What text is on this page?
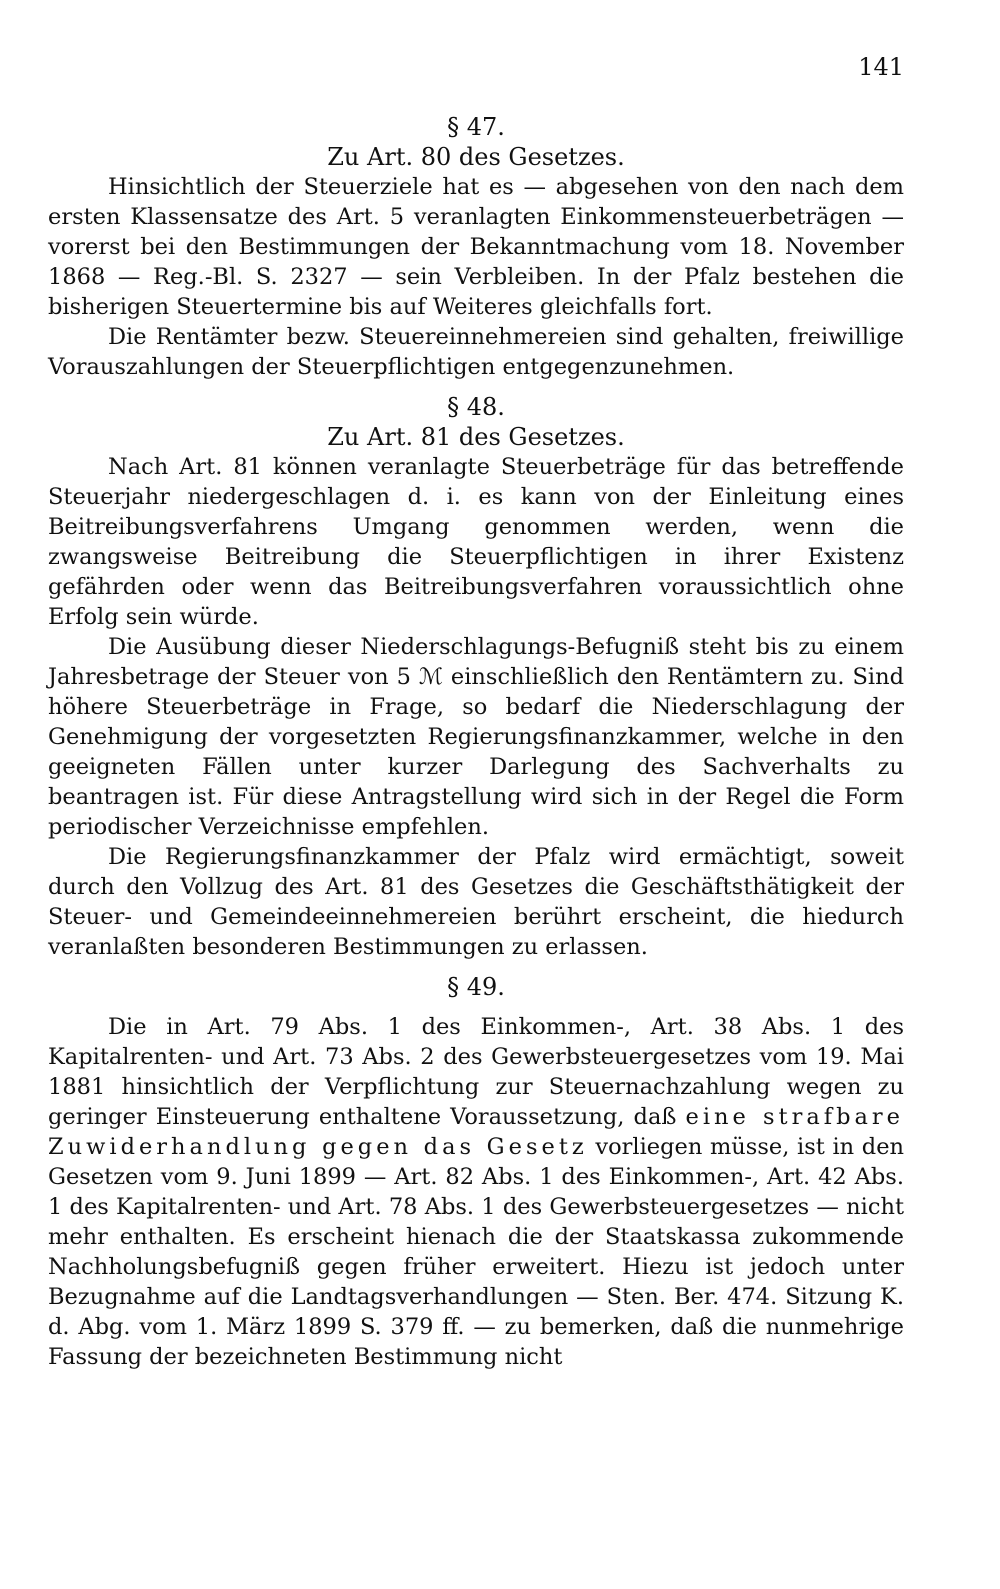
141
§ 47.
Zu Art. 80 des Gesetzes.

Hinsichtlich der Steuerziele hat es — abgesehen von den nach dem ersten Klassensatze des Art. 5 veranlagten Einkommensteuerbeträgen — vorerst bei den Bestimmungen der Bekanntmachung vom 18. November 1868 — Reg.-Bl. S. 2327 — sein Verbleiben. In der Pfalz bestehen die bisherigen Steuertermine bis auf Weiteres gleichfalls fort.

Die Rentämter bezw. Steuereinnehmereien sind gehalten, freiwillige Vorauszahlungen der Steuerpflichtigen entgegenzunehmen.

§ 48.
Zu Art. 81 des Gesetzes.

Nach Art. 81 können veranlagte Steuerbeträge für das betreffende Steuerjahr niedergeschlagen d. i. es kann von der Einleitung eines Beitreibungsverfahrens Umgang genommen werden, wenn die zwangsweise Beitreibung die Steuerpflichtigen in ihrer Existenz gefährden oder wenn das Beitreibungsverfahren voraussichtlich ohne Erfolg sein würde.

Die Ausübung dieser Niederschlagungs-Befugniß steht bis zu einem Jahresbetrage der Steuer von 5 ℳ einschließlich den Rentämtern zu. Sind höhere Steuerbeträge in Frage, so bedarf die Niederschlagung der Genehmigung der vorgesetzten Regierungsfinanzkammer, welche in den geeigneten Fällen unter kurzer Darlegung des Sachverhalts zu beantragen ist. Für diese Antragstellung wird sich in der Regel die Form periodischer Verzeichnisse empfehlen.

Die Regierungsfinanzkammer der Pfalz wird ermächtigt, soweit durch den Vollzug des Art. 81 des Gesetzes die Geschäftsthätigkeit der Steuer- und Gemeindeeinnehmereien berührt erscheint, die hiedurch veranlaßten besonderen Bestimmungen zu erlassen.

§ 49.

Die in Art. 79 Abs. 1 des Einkommen-, Art. 38 Abs. 1 des Kapitalrenten- und Art. 73 Abs. 2 des Gewerbsteuergesetzes vom 19. Mai 1881 hinsichtlich der Verpflichtung zur Steuernachzahlung wegen zu geringer Einsteuerung enthaltene Voraussetzung, daß eine strafbare Zuwiderhandlung gegen das Gesetz vorliegen müsse, ist in den Gesetzen vom 9. Juni 1899 — Art. 82 Abs. 1 des Einkommen-, Art. 42 Abs. 1 des Kapitalrenten- und Art. 78 Abs. 1 des Gewerbsteuergesetzes — nicht mehr enthalten. Es erscheint hienach die der Staatskassa zukommende Nachholungsbefugniß gegen früher erweitert. Hiezu ist jedoch unter Bezugnahme auf die Landtagsverhandlungen — Sten. Ber. 474. Sitzung K. d. Abg. vom 1. März 1899 S. 379 ff. — zu bemerken, daß die nunmehrige Fassung der bezeichneten Bestimmung nicht
